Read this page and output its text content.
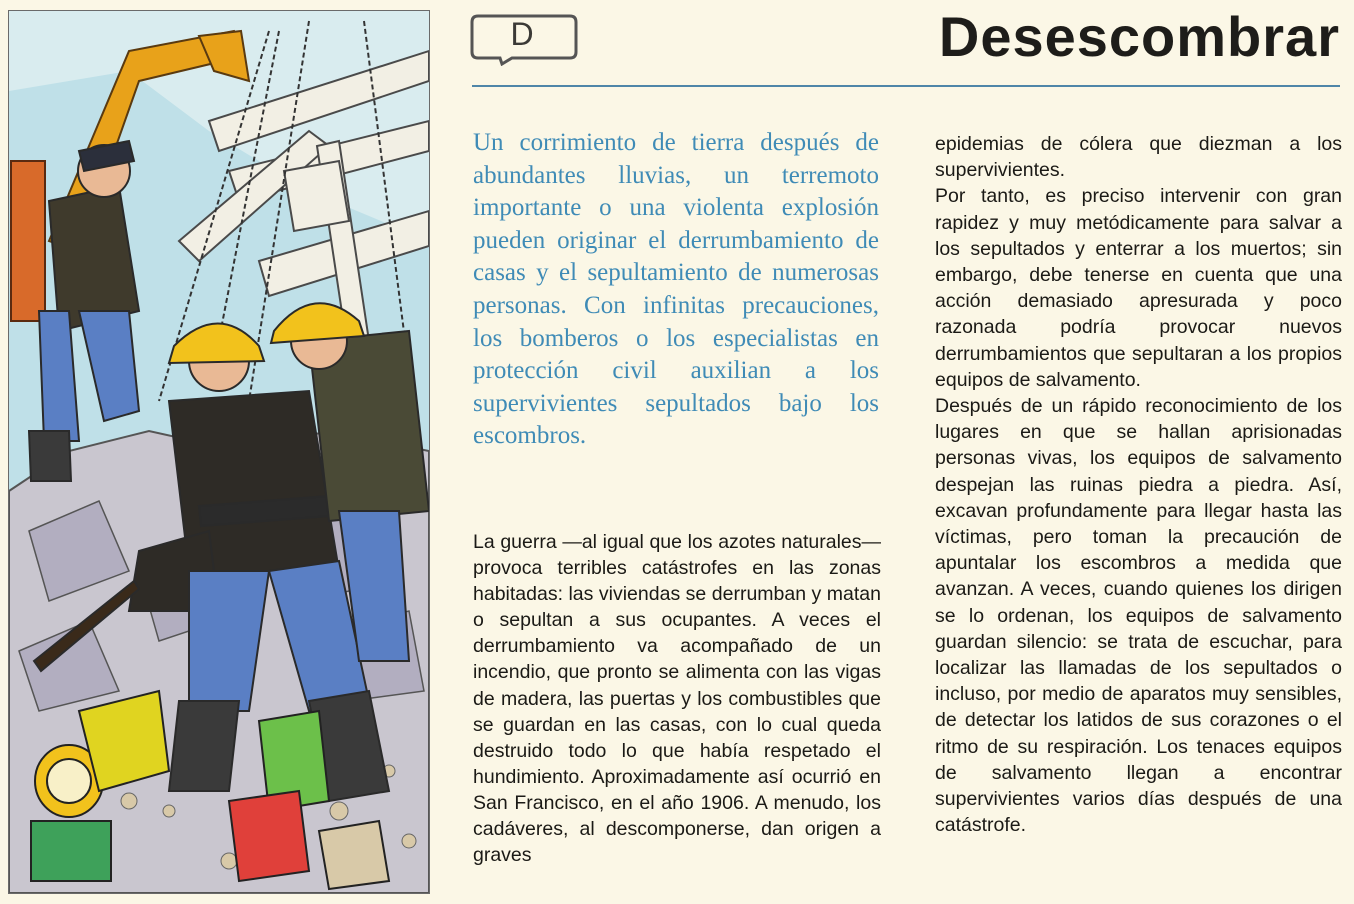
D	Desescombrar

Un corrimiento de tierra después de abundantes lluvias, un terremoto importante o una violenta explosión pueden originar el derrumbamiento de casas y el sepultamiento de numerosas personas. Con infinitas precauciones, los bomberos o los especialistas en protección civil auxilian a los supervivientes sepultados bajo los escombros.

La guerra —al igual que los azotes naturales— provoca terribles catástrofes en las zonas habitadas: las viviendas se derrumban y matan o sepultan a sus ocupantes. A veces el derrumbamiento va acompañado de un incendio, que pronto se alimenta con las vigas de madera, las puertas y los combustibles que se guardan en las casas, con lo cual queda destruido todo lo que había respetado el hundimiento. Aproximadamente así ocurrió en San Francisco, en el año 1906. A menudo, los cadáveres, al descomponerse, dan origen a graves

epidemias de cólera que diezman a los supervivientes.

Por tanto, es preciso intervenir con gran rapidez y muy metódicamente para salvar a los sepultados y enterrar a los muertos; sin embargo, debe tenerse en cuenta que una acción demasiado apresurada y poco razonada podría provocar nuevos derrumbamientos que sepultaran a los propios equipos de salvamento.

Después de un rápido reconocimiento de los lugares en que se hallan aprisionadas personas vivas, los equipos de salvamento despejan las ruinas piedra a piedra. Así, excavan profundamente para llegar hasta las víctimas, pero toman la precaución de apuntalar los escombros a medida que avanzan. A veces, cuando quienes los dirigen se lo ordenan, los equipos de salvamento guardan silencio: se trata de escuchar, para localizar las llamadas de los sepultados o incluso, por medio de aparatos muy sensibles, de detectar los latidos de sus corazones o el ritmo de su respiración. Los tenaces equipos de salvamento llegan a encontrar supervivientes varios días después de una catástrofe.
